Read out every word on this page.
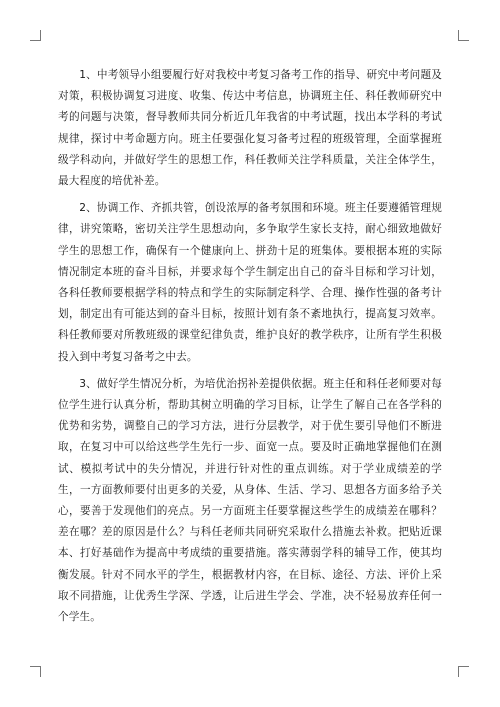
1、中考领导小组要履行好对我校中考复习备考工作的指导、研究中考问题及对策，积极协调复习进度、收集、传达中考信息，协调班主任、科任教师研究中考的问题与决策，督导教师共同分析近几年我省的中考试题，找出本学科的考试规律，探讨中考命题方向。班主任要强化复习备考过程的班级管理，全面掌握班级学科动向，并做好学生的思想工作，科任教师关注学科质量，关注全体学生，最大程度的培优补差。

2、协调工作、齐抓共管，创设浓厚的备考氛围和环境。班主任要遵循管理规律，讲究策略，密切关注学生思想动向，多争取学生家长支持，耐心细致地做好学生的思想工作，确保有一个健康向上、拼劲十足的班集体。要根据本班的实际情况制定本班的奋斗目标，并要求每个学生制定出自己的奋斗目标和学习计划，各科任教师要根据学科的特点和学生的实际制定科学、合理、操作性强的备考计划，制定出有可能达到的奋斗目标，按照计划有条不紊地执行，提高复习效率。科任教师要对所教班级的课堂纪律负责，维护良好的教学秩序，让所有学生积极投入到中考复习备考之中去。

3、做好学生情况分析，为培优治拐补差提供依据。班主任和科任老师要对每位学生进行认真分析，帮助其树立明确的学习目标，让学生了解自己在各学科的优势和劣势，调整自己的学习方法，进行分层教学，对于优生要引导他们不断进取，在复习中可以给这些学生先行一步、面宽一点。要及时正确地掌握他们在测试、模拟考试中的失分情况，并进行针对性的重点训练。对于学业成绩差的学生，一方面教师要付出更多的关爱，从身体、生活、学习、思想各方面多给予关心，要善于发现他们的亮点。另一方面班主任要掌握这些学生的成绩差在哪科？差在哪？差的原因是什么？与科任老师共同研究采取什么措施去补救。把贴近课本、打好基础作为提高中考成绩的重要措施。落实薄弱学科的辅导工作，使其均衡发展。针对不同水平的学生，根据教材内容，在目标、途径、方法、评价上采取不同措施，让优秀生学深、学透，让后进生学会、学准，决不轻易放弃任何一个学生。
